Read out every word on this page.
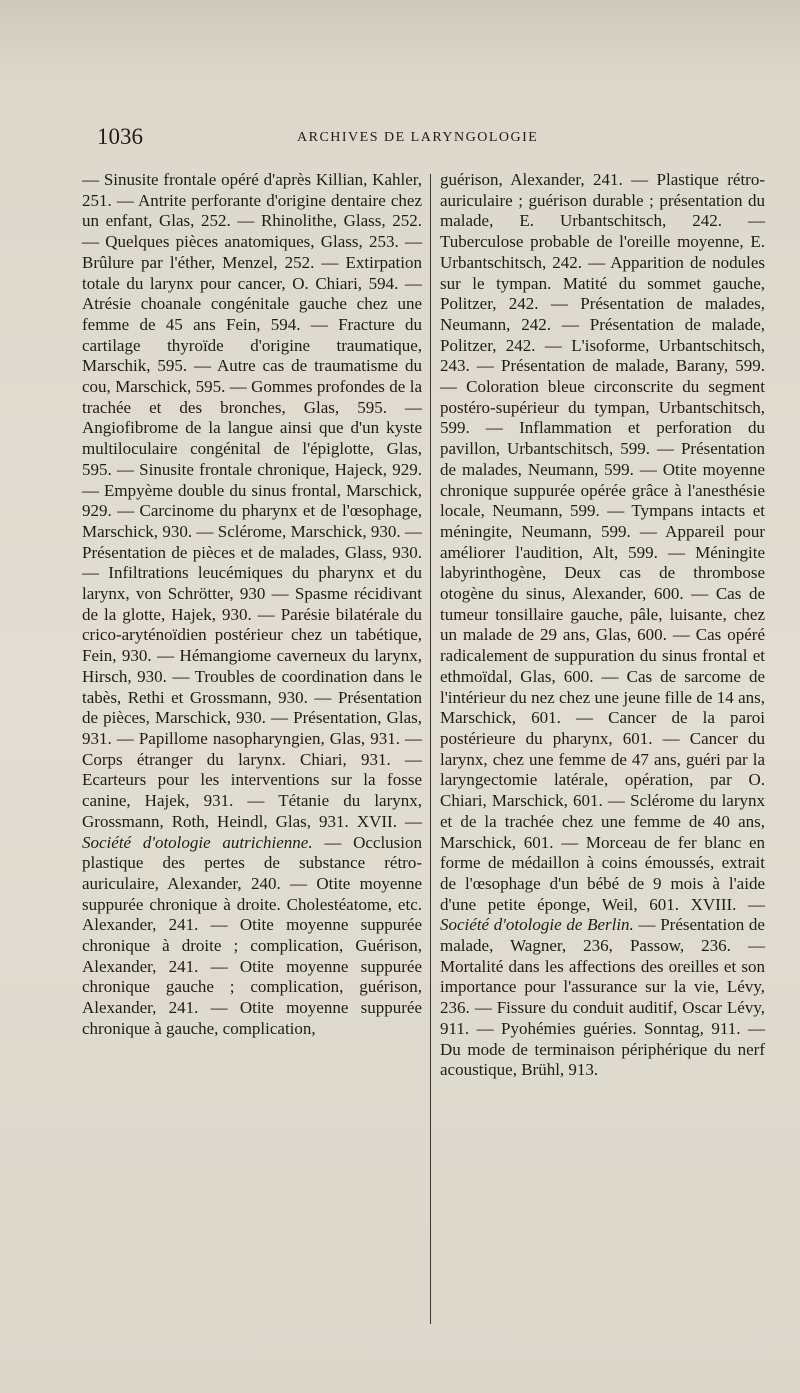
1036	ARCHIVES DE LARYNGOLOGIE

— Sinusite frontale opéré d'après Killian, Kahler, 251. — Antrite perforante d'origine dentaire chez un enfant, Glas, 252. — Rhinolithe, Glass, 252. — Quelques pièces anatomiques, Glass, 253. — Brûlure par l'éther, Menzel, 252. — Extirpation totale du larynx pour cancer, O. Chiari, 594. — Atrésie choanale congénitale gauche chez une femme de 45 ans Fein, 594. — Fracture du cartilage thyroïde d'origine traumatique, Marschik, 595. — Autre cas de traumatisme du cou, Marschick, 595. — Gommes profondes de la trachée et des bronches, Glas, 595. — Angiofibrome de la langue ainsi que d'un kyste multiloculaire congénital de l'épiglotte, Glas, 595. — Sinusite frontale chronique, Hajeck, 929. — Empyème double du sinus frontal, Marschick, 929. — Carcinome du pharynx et de l'œsophage, Marschick, 930. — Sclérome, Marschick, 930. — Présentation de pièces et de malades, Glass, 930. — Infiltrations leucémiques du pharynx et du larynx, von Schrötter, 930 — Spasme récidivant de la glotte, Hajek, 930. — Parésie bilatérale du crico-aryténoïdien postérieur chez un tabétique, Fein, 930. — Hémangiome caverneux du larynx, Hirsch, 930. — Troubles de coordination dans le tabès, Rethi et Grossmann, 930. — Présentation de pièces, Marschick, 930. — Présentation, Glas, 931. — Papillome nasopharyngien, Glas, 931. — Corps étranger du larynx. Chiari, 931. — Ecarteurs pour les interventions sur la fosse canine, Hajek, 931. — Tétanie du larynx, Grossmann, Roth, Heindl, Glas, 931. XVII. — Société d'otologie autrichienne. — Occlusion plastique des pertes de substance rétro-auriculaire, Alexander, 240. — Otite moyenne suppurée chronique à droite. Cholestéatome, etc. Alexander, 241. — Otite moyenne suppurée chronique à droite ; complication, Guérison, Alexander, 241. — Otite moyenne suppurée chronique gauche ; complication, guérison, Alexander, 241. — Otite moyenne suppurée chronique à gauche, complication,

guérison, Alexander, 241. — Plastique rétro-auriculaire ; guérison durable ; présentation du malade, E. Urbantschitsch, 242. — Tuberculose probable de l'oreille moyenne, E. Urbantschitsch, 242. — Apparition de nodules sur le tympan. Matité du sommet gauche, Politzer, 242. — Présentation de malades, Neumann, 242. — Présentation de malade, Politzer, 242. — L'isoforme, Urbantschitsch, 243. — Présentation de malade, Barany, 599. — Coloration bleue circonscrite du segment postéro-supérieur du tympan, Urbantschitsch, 599. — Inflammation et perforation du pavillon, Urbantschitsch, 599. — Présentation de malades, Neumann, 599. — Otite moyenne chronique suppurée opérée grâce à l'anesthésie locale, Neumann, 599. — Tympans intacts et méningite, Neumann, 599. — Appareil pour améliorer l'audition, Alt, 599. — Méningite labyrinthogène, Deux cas de thrombose otogène du sinus, Alexander, 600. — Cas de tumeur tonsillaire gauche, pâle, luisante, chez un malade de 29 ans, Glas, 600. — Cas opéré radicalement de suppuration du sinus frontal et ethmoïdal, Glas, 600. — Cas de sarcome de l'intérieur du nez chez une jeune fille de 14 ans, Marschick, 601. — Cancer de la paroi postérieure du pharynx, 601. — Cancer du larynx, chez une femme de 47 ans, guéri par la laryngectomie latérale, opération, par O. Chiari, Marschick, 601. — Sclérome du larynx et de la trachée chez une femme de 40 ans, Marschick, 601. — Morceau de fer blanc en forme de médaillon à coins émoussés, extrait de l'œsophage d'un bébé de 9 mois à l'aide d'une petite éponge, Weil, 601. XVIII. — Société d'otologie de Berlin. — Présentation de malade, Wagner, 236, Passow, 236. — Mortalité dans les affections des oreilles et son importance pour l'assurance sur la vie, Lévy, 236. — Fissure du conduit auditif, Oscar Lévy, 911. — Pyohémies guéries. Sonntag, 911. — Du mode de terminaison périphérique du nerf acoustique, Brühl, 913.
